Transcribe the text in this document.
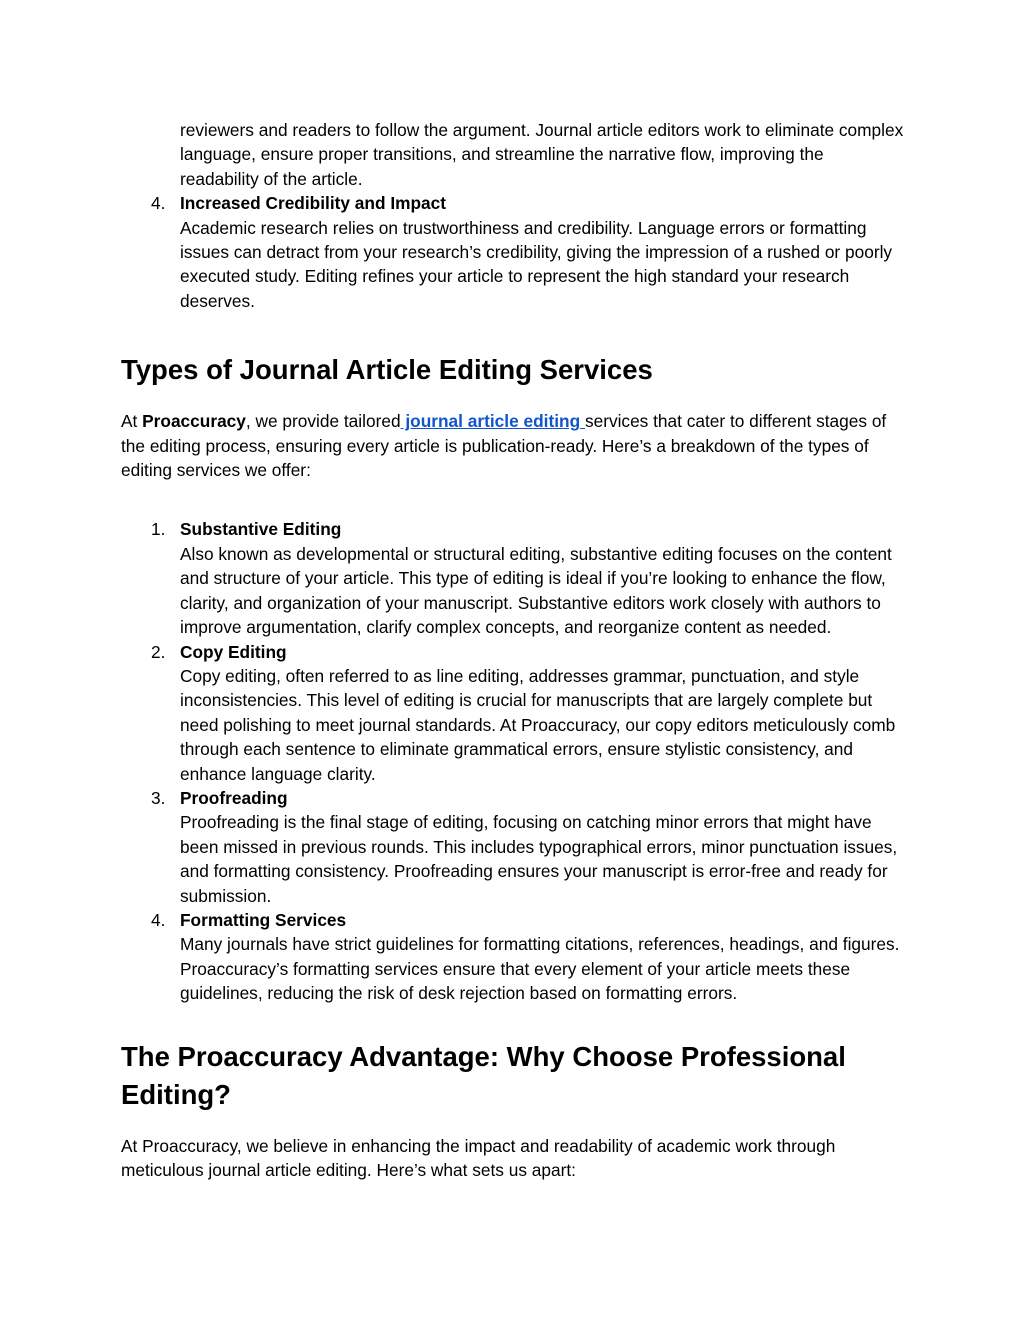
reviewers and readers to follow the argument. Journal article editors work to eliminate complex language, ensure proper transitions, and streamline the narrative flow, improving the readability of the article.
4. Increased Credibility and Impact
Academic research relies on trustworthiness and credibility. Language errors or formatting issues can detract from your research’s credibility, giving the impression of a rushed or poorly executed study. Editing refines your article to represent the high standard your research deserves.
Types of Journal Article Editing Services

At Proaccuracy, we provide tailored journal article editing services that cater to different stages of the editing process, ensuring every article is publication-ready. Here’s a breakdown of the types of editing services we offer:

1. Substantive Editing
Also known as developmental or structural editing, substantive editing focuses on the content and structure of your article. This type of editing is ideal if you’re looking to enhance the flow, clarity, and organization of your manuscript. Substantive editors work closely with authors to improve argumentation, clarify complex concepts, and reorganize content as needed.
2. Copy Editing
Copy editing, often referred to as line editing, addresses grammar, punctuation, and style inconsistencies. This level of editing is crucial for manuscripts that are largely complete but need polishing to meet journal standards. At Proaccuracy, our copy editors meticulously comb through each sentence to eliminate grammatical errors, ensure stylistic consistency, and enhance language clarity.
3. Proofreading
Proofreading is the final stage of editing, focusing on catching minor errors that might have been missed in previous rounds. This includes typographical errors, minor punctuation issues, and formatting consistency. Proofreading ensures your manuscript is error-free and ready for submission.
4. Formatting Services
Many journals have strict guidelines for formatting citations, references, headings, and figures. Proaccuracy’s formatting services ensure that every element of your article meets these guidelines, reducing the risk of desk rejection based on formatting errors.
The Proaccuracy Advantage: Why Choose Professional Editing?

At Proaccuracy, we believe in enhancing the impact and readability of academic work through meticulous journal article editing. Here’s what sets us apart:
